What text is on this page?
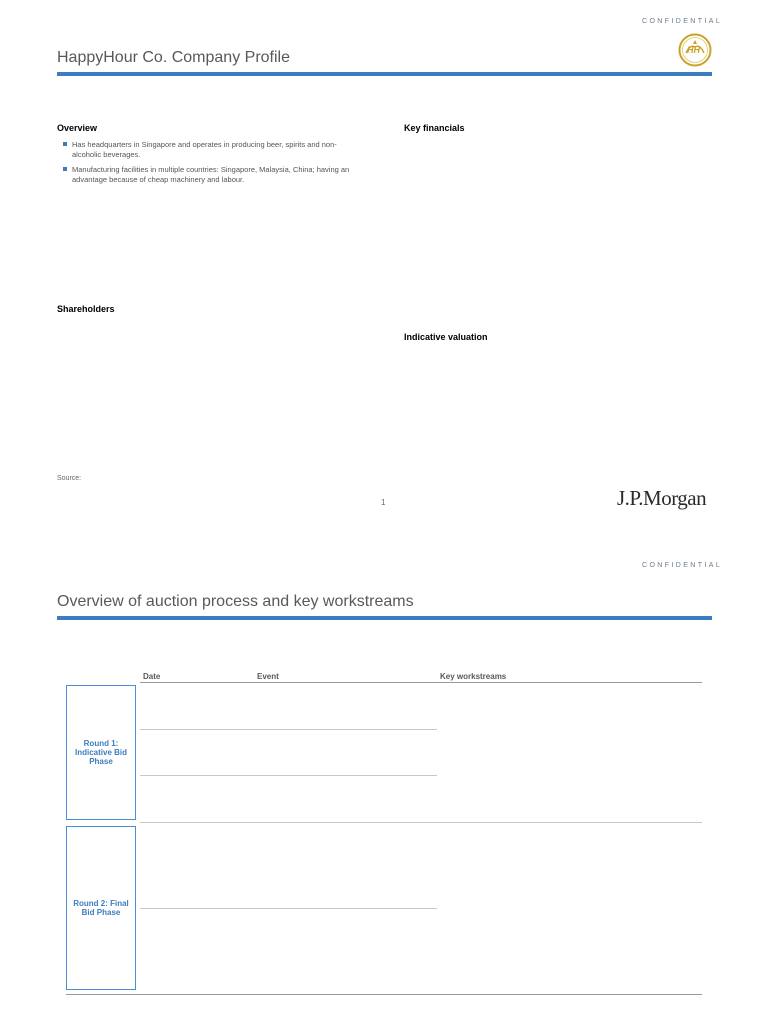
CONFIDENTIAL
HappyHour Co. Company Profile	HH
Overview
Has headquarters in Singapore and operates in producing beer, spirits and non-alcoholic beverages.
Manufacturing facilities in multiple countries: Singapore, Malaysia, China; having an advantage because of cheap machinery and labour.
Key financials
Shareholders
Indicative valuation
Source:
1	J.P.Morgan
CONFIDENTIAL
Overview of auction process and key workstreams
Date	Event	Key workstreams
Round 1: Indicative Bid Phase
Round 2: Final Bid Phase
